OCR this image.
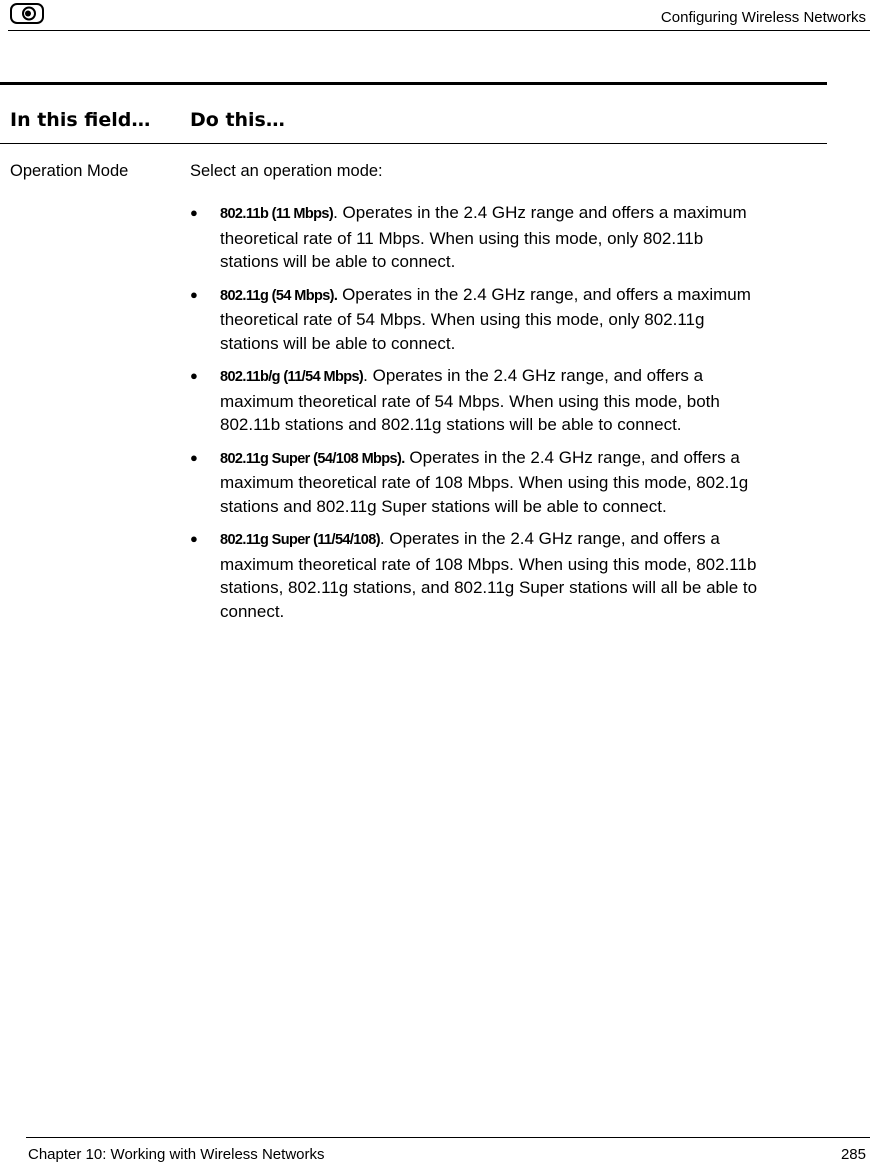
Configuring Wireless Networks
In this field… Do this…
Operation Mode	Select an operation mode:
● 802.11b (11 Mbps). Operates in the 2.4 GHz range and offers a maximum theoretical rate of 11 Mbps. When using this mode, only 802.11b stations will be able to connect.
● 802.11g (54 Mbps). Operates in the 2.4 GHz range, and offers a maximum theoretical rate of 54 Mbps. When using this mode, only 802.11g stations will be able to connect.
● 802.11b/g (11/54 Mbps). Operates in the 2.4 GHz range, and offers a maximum theoretical rate of 54 Mbps. When using this mode, both 802.11b stations and 802.11g stations will be able to connect.
● 802.11g Super (54/108 Mbps). Operates in the 2.4 GHz range, and offers a maximum theoretical rate of 108 Mbps. When using this mode, 802.1g stations and 802.11g Super stations will be able to connect.
● 802.11g Super (11/54/108). Operates in the 2.4 GHz range, and offers a maximum theoretical rate of 108 Mbps. When using this mode, 802.11b stations, 802.11g stations, and 802.11g Super stations will all be able to connect.
Chapter 10: Working with Wireless Networks	285
